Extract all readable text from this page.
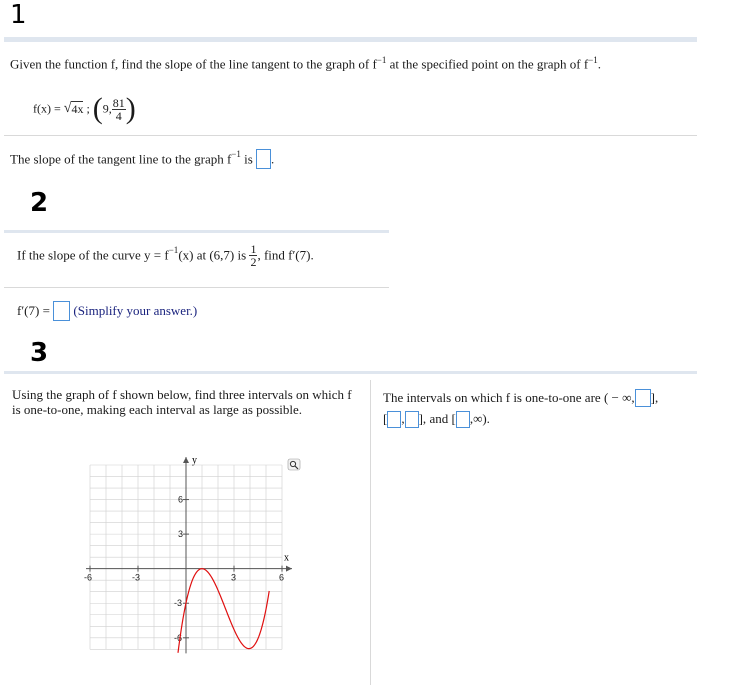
1
2
3
Given the function f, find the slope of the line tangent to the graph of $f^{-1}$ at the specified point on the graph of $f^{-1}$.
f(x) = √4x ; (9, $\frac{81}{4}$ )
The slope of the tangent line to the graph $f^{-1}$ is .
If the slope of the curve $y = f^{-1}(x)$ at (6,7) is $\frac{1}{2}$ , find f′(7).
f′(7) =  (Simplify your answer.)
Using the graph of f shown below, find three intervals on which f is one-to-one, making each interval as large as possible.
The intervals on which f is one-to-one are ( − ∞, ],
[ , ], and [ ,∞).
-6	-3	3	6
6
3
-3
-6
x
y
